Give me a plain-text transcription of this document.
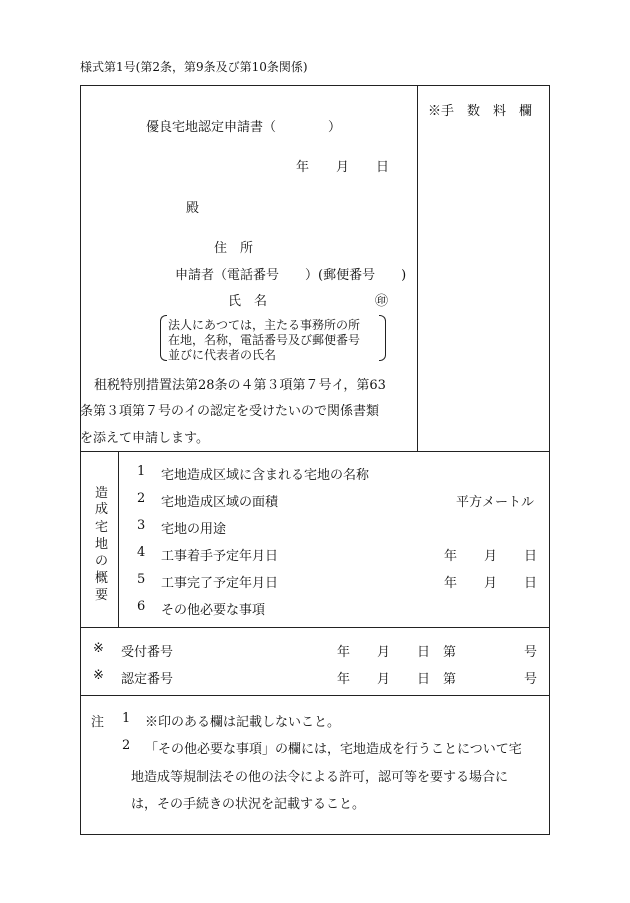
様式第1号(第2条，第9条及び第10条関係)
優良宅地認定申請書（　　　　）
※手　数　料　欄
年 月 日
殿
住　所
申請者（電話番号　　）(郵便番号　　)
氏　名	㊞
法人にあつては，主たる事務所の所
在地，名称，電話番号及び郵便番号
並びに代表者の氏名
租税特別措置法第28条の４第３項第７号イ，第63
条第３項第７号のイの認定を受けたいので関係書類
を添えて申請します。
造
成
宅
地
の
概
要
1 宅地造成区域に含まれる宅地の名称
2 宅地造成区域の面積	平方メートル
3 宅地の用途
4 工事着手予定年月日	年 月 日
5 工事完了予定年月日	年 月 日
6 その他必要な事項
※ 受付番号	年 月 日 第	号
※ 認定番号	年 月 日 第	号
注 1 ※印のある欄は記載しないこと。
2 「その他必要な事項」の欄には，宅地造成を行うことについて宅
地造成等規制法その他の法令による許可，認可等を要する場合に
は，その手続きの状況を記載すること。
